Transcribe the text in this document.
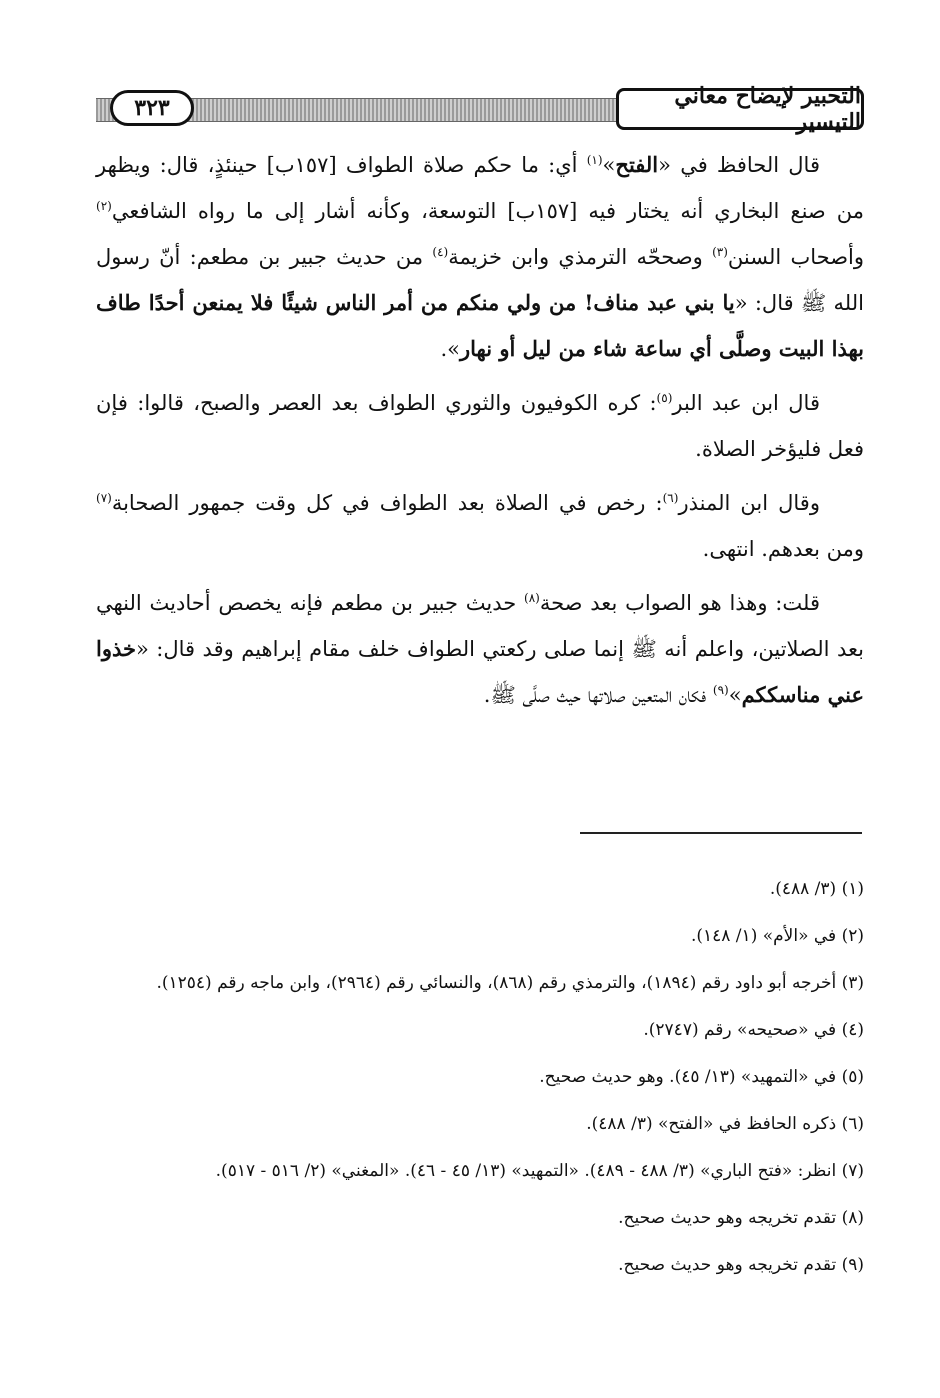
التحبير لإيضاح معاني التيسير
٣٢٣

قال الحافظ في «الفتح»$^{(١)}$ أي: ما حكم صلاة الطواف [١٥٧ب] حينئذٍ، قال: ويظهر من صنع البخاري أنه يختار فيه [١٥٧ب] التوسعة، وكأنه أشار إلى ما رواه الشافعي$^{(٢)}$ وأصحاب السنن$^{(٣)}$ وصححّه الترمذي وابن خزيمة$^{(٤)}$ من حديث جبير بن مطعم: أنّ رسول الله ﷺ قال: «يا بني عبد مناف! من ولي منكم من أمر الناس شيئًا فلا يمنعن أحدًا طاف بهذا البيت وصلَّى أي ساعة شاء من ليل أو نهار».

قال ابن عبد البر$^{(٥)}$: كره الكوفيون والثوري الطواف بعد العصر والصبح، قالوا: فإن فعل فليؤخر الصلاة.

وقال ابن المنذر$^{(٦)}$: رخص في الصلاة بعد الطواف في كل وقت جمهور الصحابة$^{(٧)}$ ومن بعدهم. انتهى.

قلت: وهذا هو الصواب بعد صحة$^{(٨)}$ حديث جبير بن مطعم فإنه يخصص أحاديث النهي بعد الصلاتين، واعلم أنه ﷺ إنما صلى ركعتي الطواف خلف مقام إبراهيم وقد قال: «خذوا عني مناسككم»$^{(٩)}$ فكان المتعين صلاتها حيث صلَّى ﷺ.

(١) (٣/ ٤٨٨).
(٢) في «الأم» (١/ ١٤٨).
(٣) أخرجه أبو داود رقم (١٨٩٤)، والترمذي رقم (٨٦٨)، والنسائي رقم (٢٩٦٤)، وابن ماجه رقم (١٢٥٤).
(٤) في «صحيحه» رقم (٢٧٤٧).
(٥) في «التمهيد» (١٣/ ٤٥). وهو حديث صحيح.
(٦) ذكره الحافظ في «الفتح» (٣/ ٤٨٨).
(٧) انظر: «فتح الباري» (٣/ ٤٨٨ - ٤٨٩). «التمهيد» (١٣/ ٤٥ - ٤٦). «المغني» (٢/ ٥١٦ - ٥١٧).
(٨) تقدم تخريجه وهو حديث صحيح.
(٩) تقدم تخريجه وهو حديث صحيح.
